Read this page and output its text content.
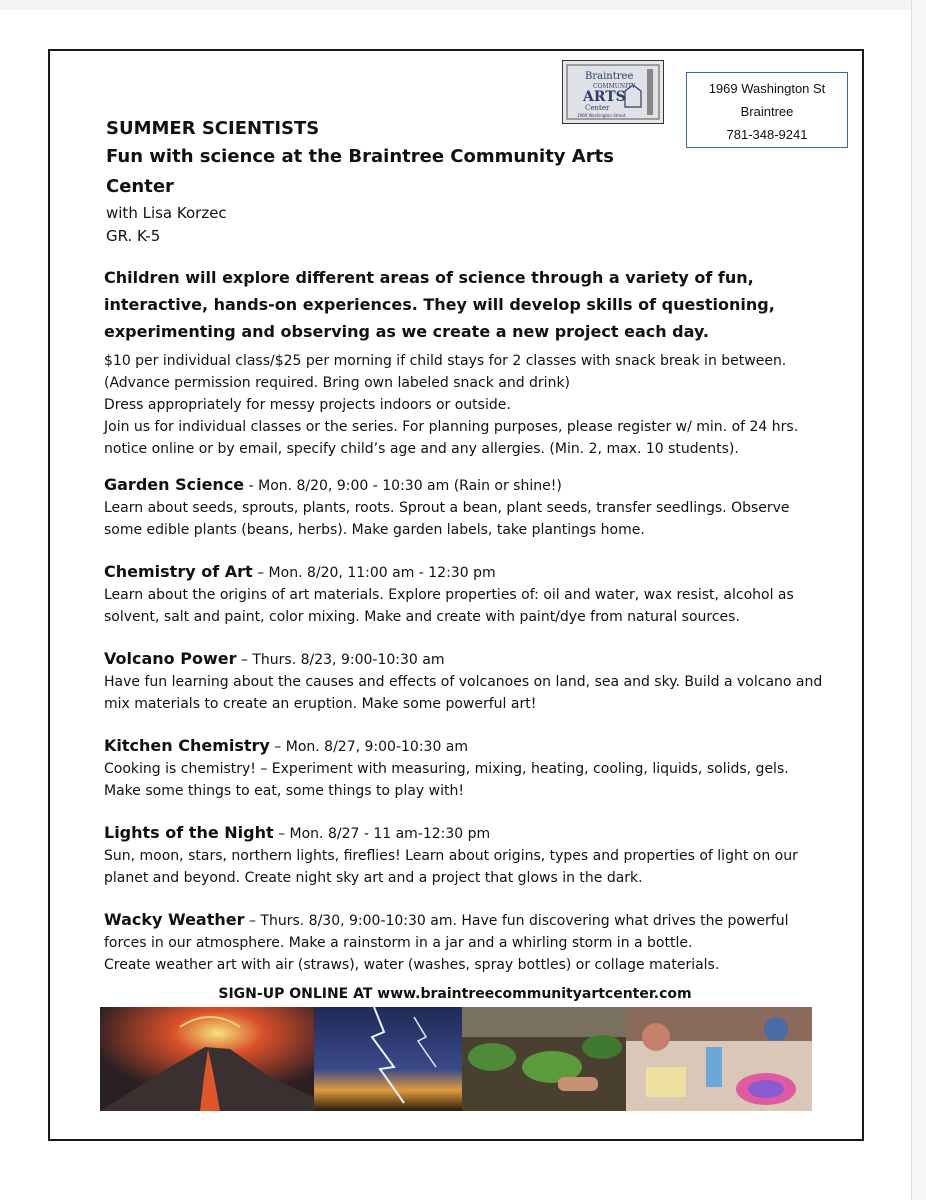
Braintree
COMMUNITY
ARTS
Center
1969 Washington Street
1969 Washington St
Braintree
781-348-9241
SUMMER SCIENTISTS
Fun with science at the Braintree Community Arts Center
with Lisa Korzec
GR. K-5
Children will explore different areas of science through a variety of fun, interactive, hands-on experiences. They will develop skills of questioning, experimenting and observing as we create a new project each day.
$10 per individual class/$25 per morning if child stays for 2 classes with snack break in between.
(Advance permission required. Bring own labeled snack and drink)
Dress appropriately for messy projects indoors or outside.
Join us for individual classes or the series. For planning purposes, please register w/ min. of 24 hrs. notice online or by email, specify child’s age and any allergies. (Min. 2, max. 10 students).
Garden Science - Mon. 8/20, 9:00 - 10:30 am (Rain or shine!)
Learn about seeds, sprouts, plants, roots. Sprout a bean, plant seeds, transfer seedlings. Observe some edible plants (beans, herbs). Make garden labels, take plantings home.
Chemistry of Art – Mon. 8/20, 11:00 am - 12:30 pm
Learn about the origins of art materials. Explore properties of: oil and water, wax resist, alcohol as solvent, salt and paint, color mixing. Make and create with paint/dye from natural sources.
Volcano Power – Thurs. 8/23, 9:00-10:30 am
Have fun learning about the causes and effects of volcanoes on land, sea and sky. Build a volcano and mix materials to create an eruption. Make some powerful art!
Kitchen Chemistry – Mon. 8/27, 9:00-10:30 am
Cooking is chemistry! – Experiment with measuring, mixing, heating, cooling, liquids, solids, gels. Make some things to eat, some things to play with!
Lights of the Night – Mon. 8/27 - 11 am-12:30 pm
Sun, moon, stars, northern lights, fireflies! Learn about origins, types and properties of light on our planet and beyond. Create night sky art and a project that glows in the dark.
Wacky Weather – Thurs. 8/30, 9:00-10:30 am. Have fun discovering what drives the powerful forces in our atmosphere. Make a rainstorm in a jar and a whirling storm in a bottle.
Create weather art with air (straws), water (washes, spray bottles) or collage materials.
SIGN-UP ONLINE AT www.braintreecommunityartcenter.com
